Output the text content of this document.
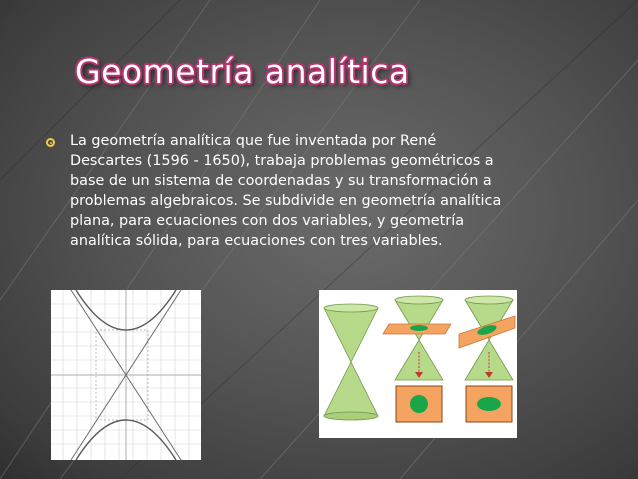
Geometría analítica
La geometría analítica que fue inventada por René
Descartes (1596 - 1650), trabaja problemas geométricos a
base de un sistema de coordenadas y su transformación a
problemas algebraicos. Se subdivide en geometría analítica
plana, para ecuaciones con dos variables, y geometría
analítica sólida, para ecuaciones con tres variables.
